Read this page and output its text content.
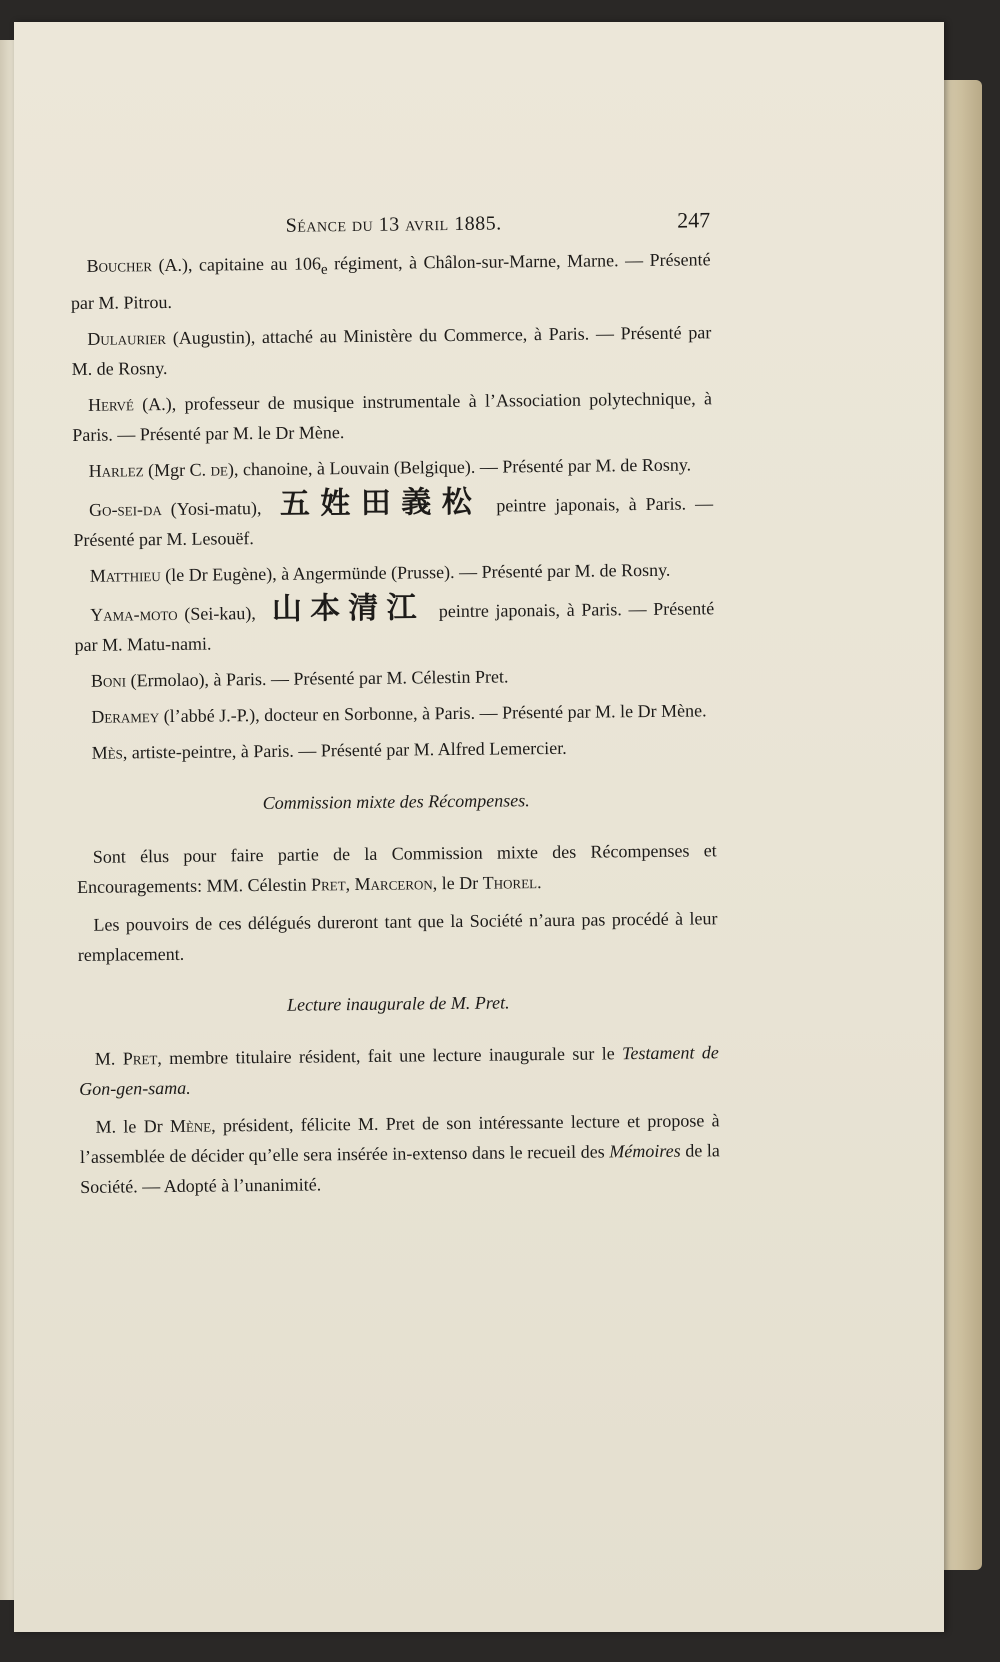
Séance du 13 avril 1885.	247

Boucher (A.), capitaine au $106_e$ régiment, à Châlon-sur-Marne, Marne. — Présenté par M. Pitrou.

Dulaurier (Augustin), attaché au Ministère du Commerce, à Paris. — Présenté par M. de Rosny.

Hervé (A.), professeur de musique instrumentale à l’Association polytechnique, à Paris. — Présenté par M. le Dr Mène.

Harlez (Mgr C. de), chanoine, à Louvain (Belgique). — Présenté par M. de Rosny.

Go-sei-da (Yosi-matu), 五姓田義松 peintre japonais, à Paris. — Présenté par M. Lesouëf.

Matthieu (le Dr Eugène), à Angermünde (Prusse). — Présenté par M. de Rosny.

Yama-moto (Sei-kau), 山本清江 peintre japonais, à Paris. — Présenté par M. Matu-nami.

Boni (Ermolao), à Paris. — Présenté par M. Célestin Pret.

Deramey (l’abbé J.-P.), docteur en Sorbonne, à Paris. — Présenté par M. le Dr Mène.

Mès, artiste-peintre, à Paris. — Présenté par M. Alfred Lemercier.

Commission mixte des Récompenses.

Sont élus pour faire partie de la Commission mixte des Récompenses et Encouragements: MM. Célestin Pret, Marceron, le Dr Thorel.

Les pouvoirs de ces délégués dureront tant que la Société n’aura pas procédé à leur remplacement.

Lecture inaugurale de M. Pret.

M. Pret, membre titulaire résident, fait une lecture inaugurale sur le Testament de Gon-gen-sama.

M. le Dr Mène, président, félicite M. Pret de son intéressante lecture et propose à l’assemblée de décider qu’elle sera insérée in-extenso dans le recueil des Mémoires de la Société. — Adopté à l’unanimité.
